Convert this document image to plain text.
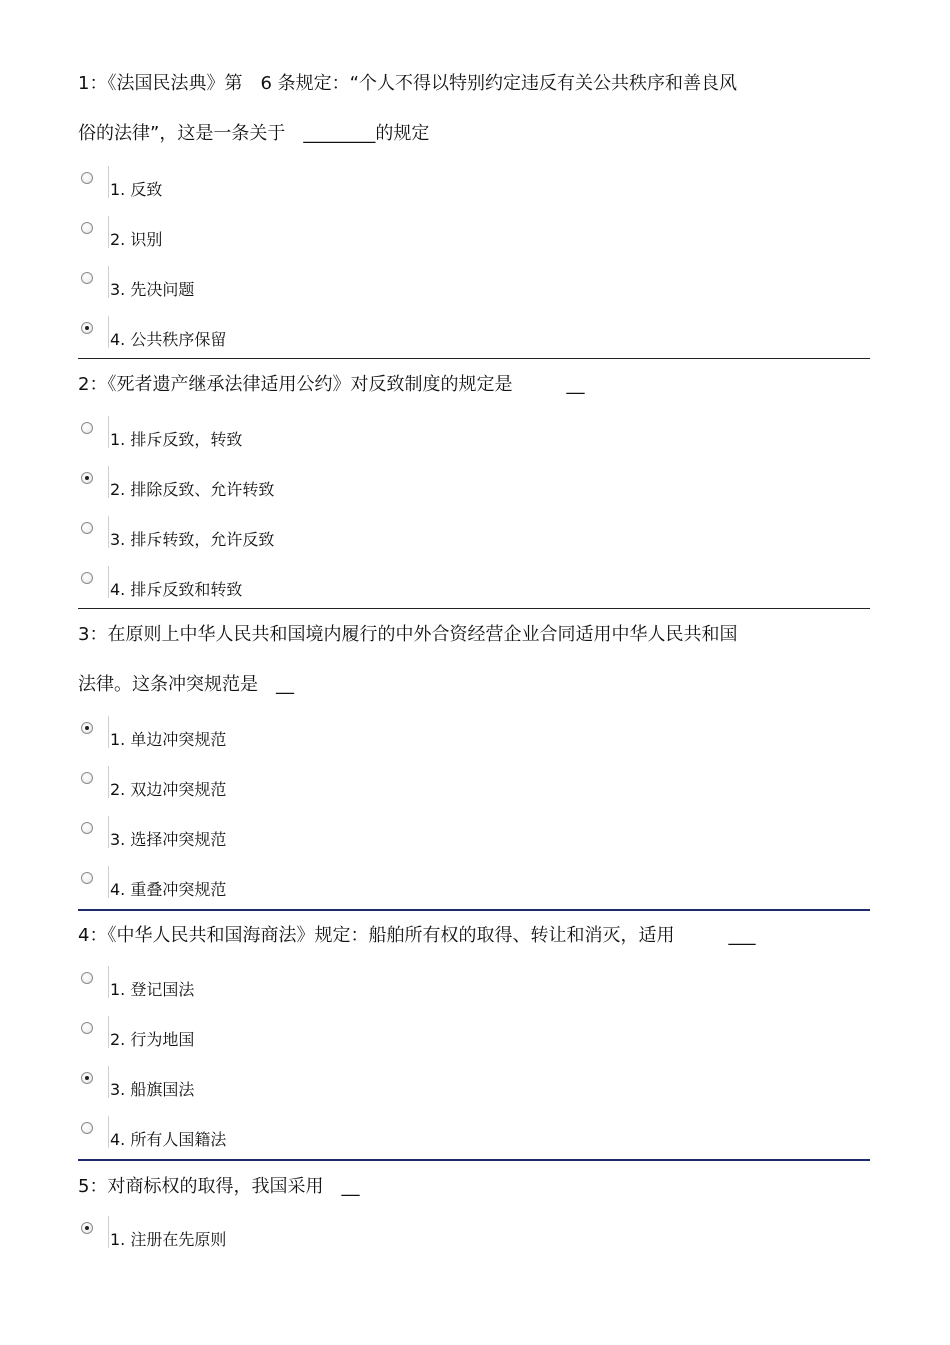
1：《法国民法典》第　6 条规定：“个人不得以特别约定违反有关公共秩序和善良风
俗的法律”，这是一条关于　________的规定
1. 反致
2. 识别
3. 先决问题
4. 公共秩序保留
2：《死者遗产继承法律适用公约》对反致制度的规定是　　　__
1. 排斥反致，转致
2. 排除反致、允许转致
3. 排斥转致，允许反致
4. 排斥反致和转致
3：在原则上中华人民共和国境内履行的中外合资经营企业合同适用中华人民共和国
法律。这条冲突规范是　__
1. 单边冲突规范
2. 双边冲突规范
3. 选择冲突规范
4. 重叠冲突规范
4：《中华人民共和国海商法》规定：船舶所有权的取得、转让和消灭，适用　　　___
1. 登记国法
2. 行为地国
3. 船旗国法
4. 所有人国籍法
5：对商标权的取得，我国采用　__
1. 注册在先原则
